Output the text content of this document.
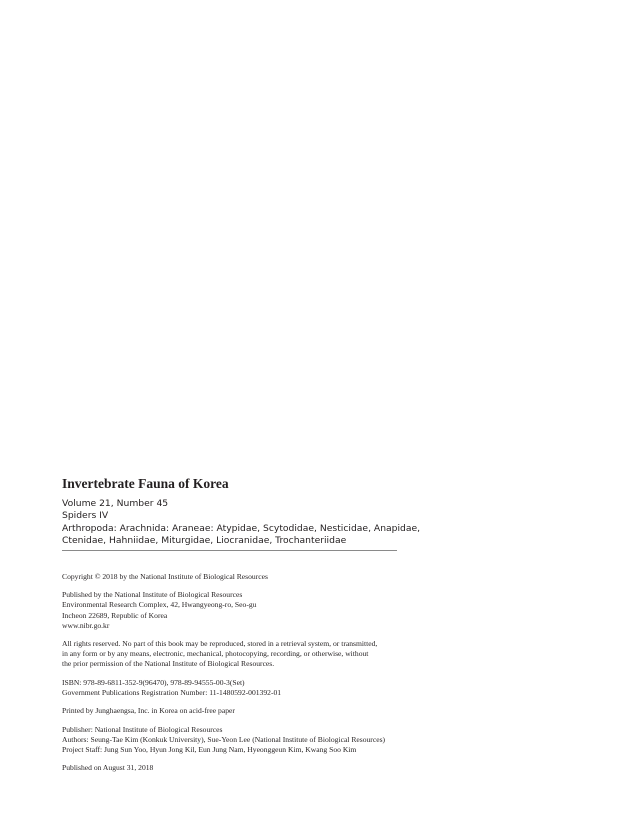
Invertebrate Fauna of Korea
Volume 21, Number 45
Spiders IV
Arthropoda: Arachnida: Araneae: Atypidae, Scytodidae, Nesticidae, Anapidae,
Ctenidae, Hahniidae, Miturgidae, Liocranidae, Trochanteriidae

Copyright © 2018 by the National Institute of Biological Resources

Published by the National Institute of Biological Resources
Environmental Research Complex, 42, Hwangyeong-ro, Seo-gu
Incheon 22689, Republic of Korea
www.nibr.go.kr

All rights reserved. No part of this book may be reproduced, stored in a retrieval system, or transmitted,
in any form or by any means, electronic, mechanical, photocopying, recording, or otherwise, without
the prior permission of the National Institute of Biological Resources.

ISBN: 978-89-6811-352-9(96470), 978-89-94555-00-3(Set)
Government Publications Registration Number: 11-1480592-001392-01

Printed by Junghaengsa, Inc. in Korea on acid-free paper

Publisher: National Institute of Biological Resources
Authors: Seung-Tae Kim (Konkuk University), Sue-Yeon Lee (National Institute of Biological Resources)
Project Staff: Jung Sun Yoo, Hyun Jong Kil, Eun Jung Nam, Hyeonggeun Kim, Kwang Soo Kim

Published on August 31, 2018
